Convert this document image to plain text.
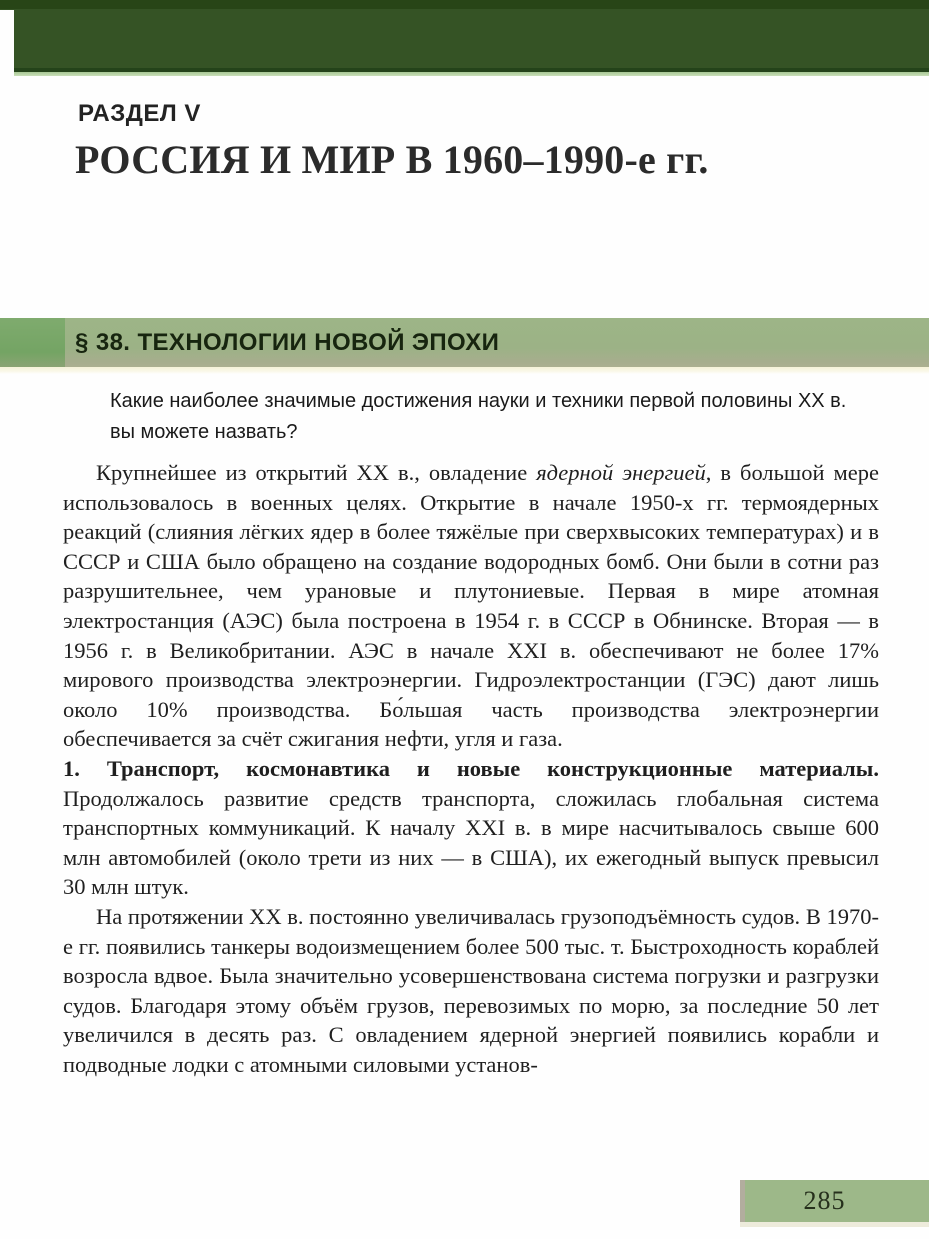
РАЗДЕЛ V
РОССИЯ И МИР В 1960–1990-е гг.
§ 38. ТЕХНОЛОГИИ НОВОЙ ЭПОХИ
Какие наиболее значимые достижения науки и техники первой половины XX в. вы можете назвать?

Крупнейшее из открытий XX в., овладение ядерной энергией, в большой мере использовалось в военных целях. Открытие в начале 1950-х гг. термоядерных реакций (слияния лёгких ядер в более тяжёлые при сверхвысоких температурах) и в СССР и США было обращено на создание водородных бомб. Они были в сотни раз разрушительнее, чем урановые и плутониевые. Первая в мире атомная электростанция (АЭС) была построена в 1954 г. в СССР в Обнинске. Вторая — в 1956 г. в Великобритании. АЭС в начале XXI в. обеспечивают не более 17% мирового производства электроэнергии. Гидроэлектростанции (ГЭС) дают лишь около 10% производства. Бо́льшая часть производства электроэнергии обеспечивается за счёт сжигания нефти, угля и газа.

1. Транспорт, космонавтика и новые конструкционные материалы. Продолжалось развитие средств транспорта, сложилась глобальная система транспортных коммуникаций. К началу XXI в. в мире насчитывалось свыше 600 млн автомобилей (около трети из них — в США), их ежегодный выпуск превысил 30 млн штук.

На протяжении XX в. постоянно увеличивалась грузоподъёмность судов. В 1970-е гг. появились танкеры водоизмещением более 500 тыс. т. Быстроходность кораблей возросла вдвое. Была значительно усовершенствована система погрузки и разгрузки судов. Благодаря этому объём грузов, перевозимых по морю, за последние 50 лет увеличился в десять раз. С овладением ядерной энергией появились корабли и подводные лодки с атомными силовыми установ-

285
